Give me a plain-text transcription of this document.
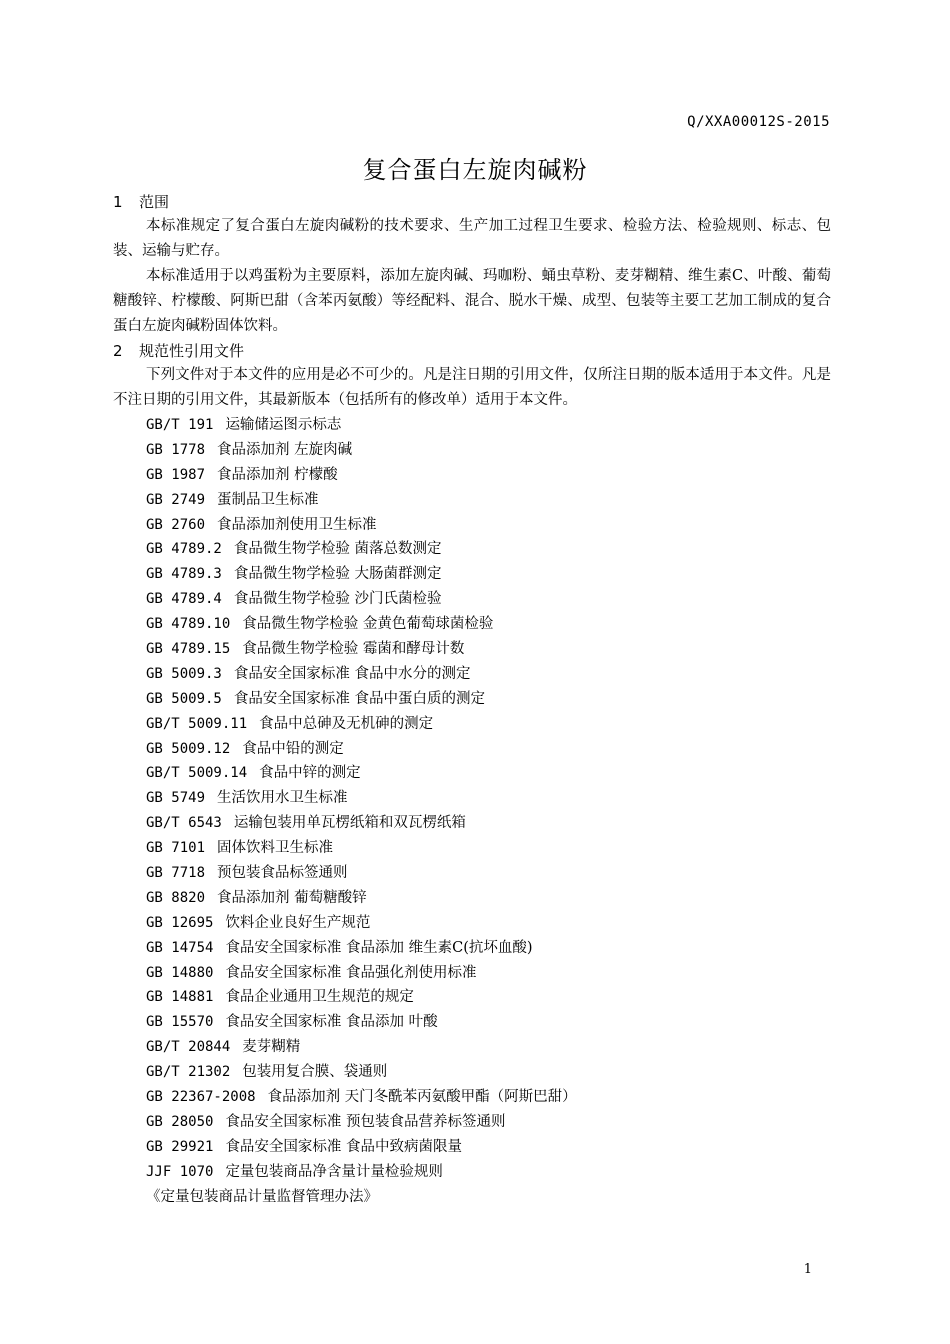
Q/XXA00012S-2015
复合蛋白左旋肉碱粉
1 范围

本标准规定了复合蛋白左旋肉碱粉的技术要求、生产加工过程卫生要求、检验方法、检验规则、标志、包装、运输与贮存。

本标准适用于以鸡蛋粉为主要原料，添加左旋肉碱、玛咖粉、蛹虫草粉、麦芽糊精、维生素C、叶酸、葡萄糖酸锌、柠檬酸、阿斯巴甜（含苯丙氨酸）等经配料、混合、脱水干燥、成型、包装等主要工艺加工制成的复合蛋白左旋肉碱粉固体饮料。

2 规范性引用文件

下列文件对于本文件的应用是必不可少的。凡是注日期的引用文件，仅所注日期的版本适用于本文件。凡是不注日期的引用文件，其最新版本（包括所有的修改单）适用于本文件。

GB/T 191 运输储运图示标志
GB 1778 食品添加剂 左旋肉碱
GB 1987 食品添加剂 柠檬酸
GB 2749 蛋制品卫生标准
GB 2760 食品添加剂使用卫生标准
GB 4789.2 食品微生物学检验 菌落总数测定
GB 4789.3 食品微生物学检验 大肠菌群测定
GB 4789.4 食品微生物学检验 沙门氏菌检验
GB 4789.10 食品微生物学检验 金黄色葡萄球菌检验
GB 4789.15 食品微生物学检验 霉菌和酵母计数
GB 5009.3 食品安全国家标准 食品中水分的测定
GB 5009.5 食品安全国家标准 食品中蛋白质的测定
GB/T 5009.11 食品中总砷及无机砷的测定
GB 5009.12 食品中铅的测定
GB/T 5009.14 食品中锌的测定
GB 5749 生活饮用水卫生标准
GB/T 6543 运输包装用单瓦楞纸箱和双瓦楞纸箱
GB 7101 固体饮料卫生标准
GB 7718 预包装食品标签通则
GB 8820 食品添加剂 葡萄糖酸锌
GB 12695 饮料企业良好生产规范
GB 14754 食品安全国家标准 食品添加 维生素C(抗坏血酸)
GB 14880 食品安全国家标准 食品强化剂使用标准
GB 14881 食品企业通用卫生规范的规定
GB 15570 食品安全国家标准 食品添加 叶酸
GB/T 20844 麦芽糊精
GB/T 21302 包装用复合膜、袋通则
GB 22367-2008 食品添加剂 天门冬酰苯丙氨酸甲酯（阿斯巴甜）
GB 28050 食品安全国家标准 预包装食品营养标签通则
GB 29921 食品安全国家标准 食品中致病菌限量
JJF 1070 定量包装商品净含量计量检验规则
《定量包装商品计量监督管理办法》
1
